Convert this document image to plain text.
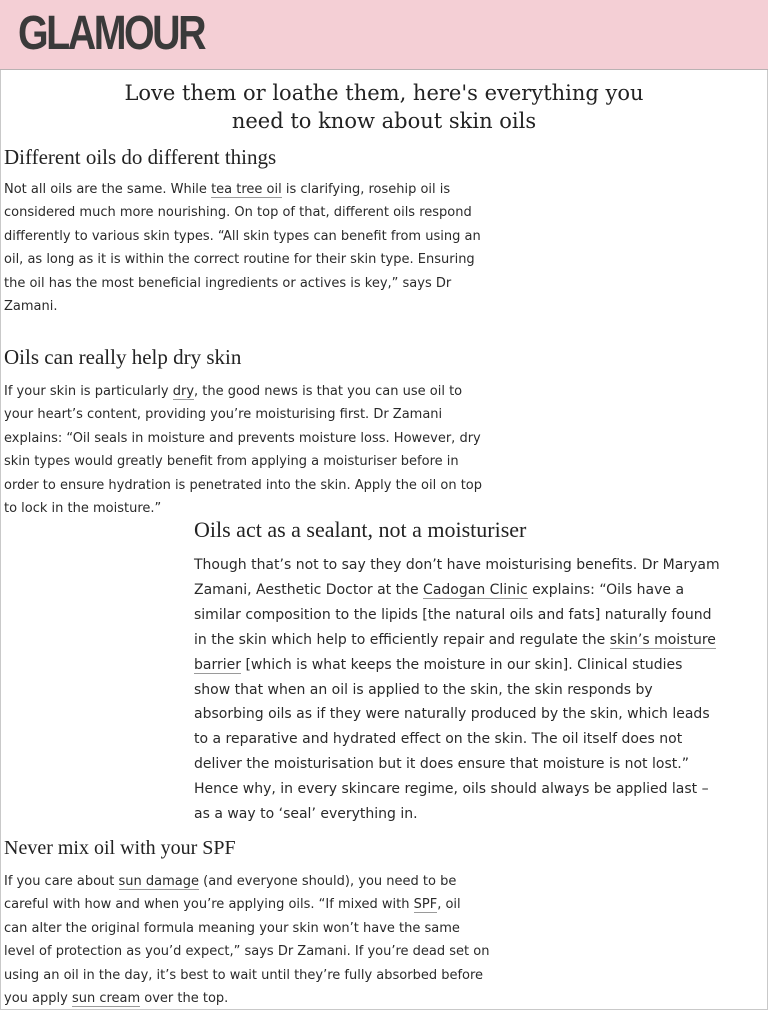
GLAMOUR
Love them or loathe them, here's everything you
need to know about skin oils
Different oils do different things
Not all oils are the same. While tea tree oil is clarifying, rosehip oil is
considered much more nourishing. On top of that, different oils respond
differently to various skin types. “All skin types can benefit from using an
oil, as long as it is within the correct routine for their skin type. Ensuring
the oil has the most beneficial ingredients or actives is key,” says Dr
Zamani.
Oils can really help dry skin
If your skin is particularly dry, the good news is that you can use oil to
your heart’s content, providing you’re moisturising first. Dr Zamani
explains: “Oil seals in moisture and prevents moisture loss. However, dry
skin types would greatly benefit from applying a moisturiser before in
order to ensure hydration is penetrated into the skin. Apply the oil on top
to lock in the moisture.”
Oils act as a sealant, not a moisturiser
Though that’s not to say they don’t have moisturising benefits. Dr Maryam
Zamani, Aesthetic Doctor at the Cadogan Clinic explains: “Oils have a
similar composition to the lipids [the natural oils and fats] naturally found
in the skin which help to efficiently repair and regulate the skin’s moisture
barrier [which is what keeps the moisture in our skin]. Clinical studies
show that when an oil is applied to the skin, the skin responds by
absorbing oils as if they were naturally produced by the skin, which leads
to a reparative and hydrated effect on the skin. The oil itself does not
deliver the moisturisation but it does ensure that moisture is not lost.”
Hence why, in every skincare regime, oils should always be applied last –
as a way to ‘seal’ everything in.
Never mix oil with your SPF
If you care about sun damage (and everyone should), you need to be
careful with how and when you’re applying oils. “If mixed with SPF, oil
can alter the original formula meaning your skin won’t have the same
level of protection as you’d expect,” says Dr Zamani. If you’re dead set on
using an oil in the day, it’s best to wait until they’re fully absorbed before
you apply sun cream over the top.
